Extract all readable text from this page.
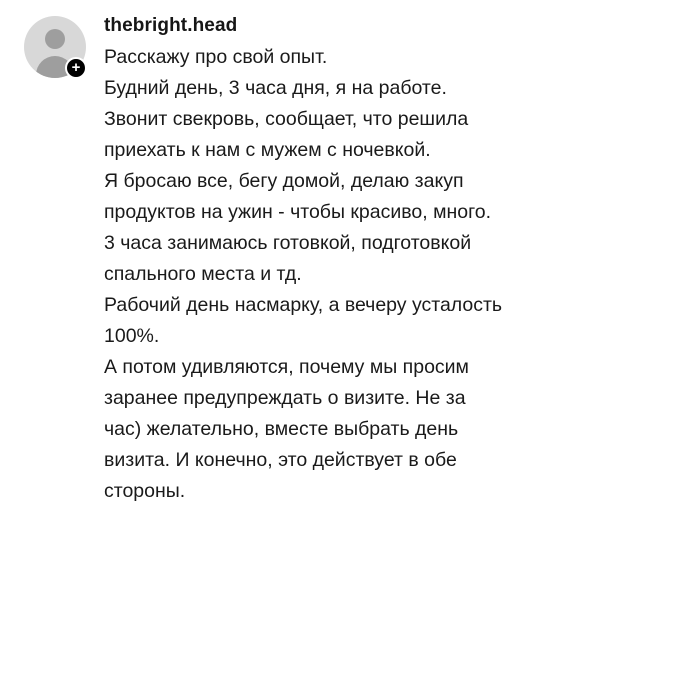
+
thebright.head
Расскажу про свой опыт.
Будний день, 3 часа дня, я на работе.
Звонит свекровь, сообщает, что решила
приехать к нам с мужем с ночевкой.
Я бросаю все, бегу домой, делаю закуп
продуктов на ужин - чтобы красиво, много.
3 часа занимаюсь готовкой, подготовкой
спального места и тд.
Рабочий день насмарку, а вечеру усталость
100%.
А потом удивляются, почему мы просим
заранее предупреждать о визите. Не за
час) желательно, вместе выбрать день
визита. И конечно, это действует в обе
стороны.
